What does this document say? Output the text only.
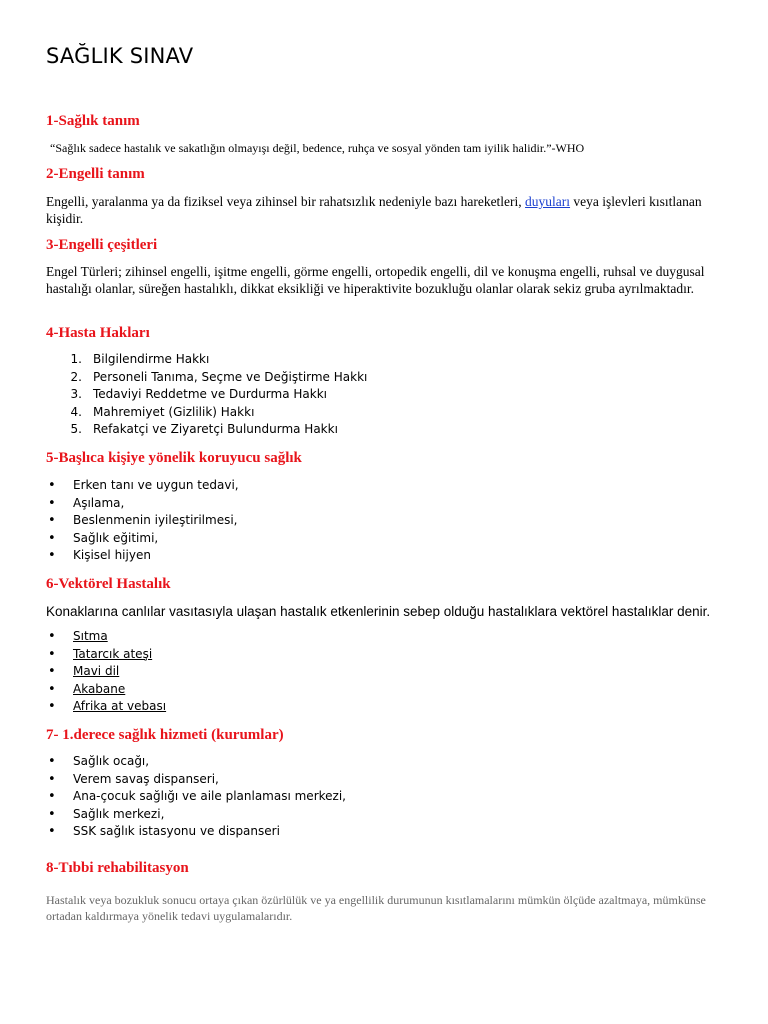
SAĞLIK SINAV
1-Sağlık tanım

“Sağlık sadece hastalık ve sakatlığın olmayışı değil, bedence, ruhça ve sosyal yönden tam iyilik halidir.”-WHO

2-Engelli tanım

Engelli, yaralanma ya da fiziksel veya zihinsel bir rahatsızlık nedeniyle bazı hareketleri, duyuları veya işlevleri kısıtlanan kişidir.

3-Engelli çeşitleri

Engel Türleri; zihinsel engelli, işitme engelli, görme engelli, ortopedik engelli, dil ve konuşma engelli, ruhsal ve duygusal hastalığı olanlar, süreğen hastalıklı, dikkat eksikliği ve hiperaktivite bozukluğu olanlar olarak sekiz gruba ayrılmaktadır.

4-Hasta Hakları
1. Bilgilendirme Hakkı
2. Personeli Tanıma, Seçme ve Değiştirme Hakkı
3. Tedaviyi Reddetme ve Durdurma Hakkı
4. Mahremiyet (Gizlilik) Hakkı
5. Refakatçi ve Ziyaretçi Bulundurma Hakkı
5-Başlıca kişiye yönelik koruyucu sağlık
• Erken tanı ve uygun tedavi,
• Aşılama,
• Beslenmenin iyileştirilmesi,
• Sağlık eğitimi,
• Kişisel hijyen
6-Vektörel Hastalık

Konaklarına canlılar vasıtasıyla ulaşan hastalık etkenlerinin sebep olduğu hastalıklara vektörel hastalıklar denir.

• Sıtma
• Tatarcık ateşi
• Mavi dil
• Akabane
• Afrika at vebası
7- 1.derece sağlık hizmeti (kurumlar)
• Sağlık ocağı,
• Verem savaş dispanseri,
• Ana-çocuk sağlığı ve aile planlaması merkezi,
• Sağlık merkezi,
• SSK sağlık istasyonu ve dispanseri
8-Tıbbi rehabilitasyon

Hastalık veya bozukluk sonucu ortaya çıkan özürlülük ve ya engellilik durumunun kısıtlamalarını mümkün ölçüde azaltmaya, mümkünse ortadan kaldırmaya yönelik tedavi uygulamalarıdır.
